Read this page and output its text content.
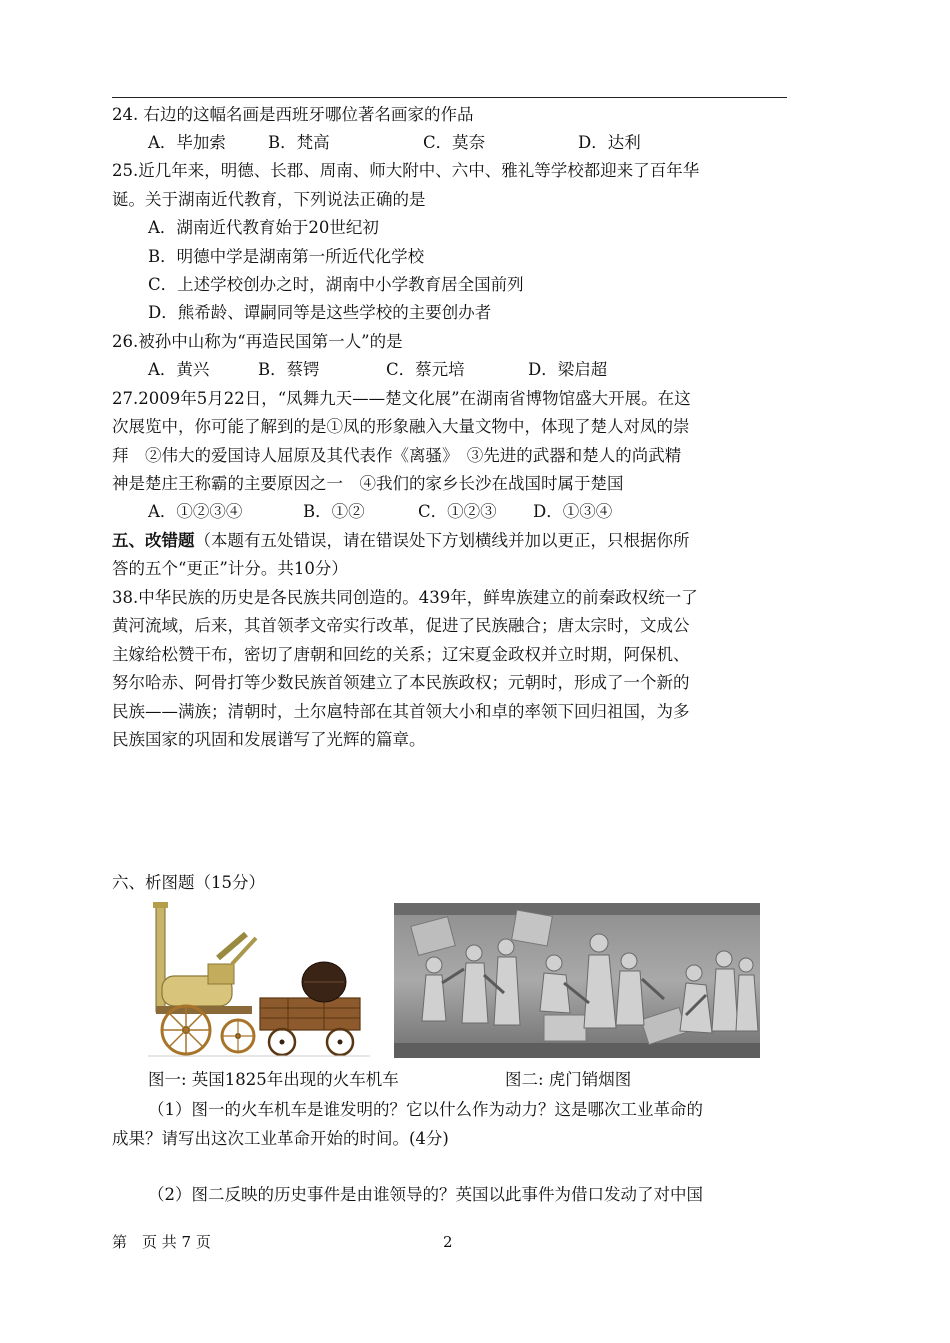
24. 右边的这幅名画是西班牙哪位著名画家的作品
A．毕加索	B．梵高	C．莫奈	D．达利
25.近几年来，明德、长郡、周南、师大附中、六中、雅礼等学校都迎来了百年华
诞。关于湖南近代教育，下列说法正确的是
A．湖南近代教育始于20世纪初
B．明德中学是湖南第一所近代化学校
C．上述学校创办之时，湖南中小学教育居全国前列
D．熊希龄、谭嗣同等是这些学校的主要创办者
26.被孙中山称为“再造民国第一人”的是
A．黄兴	B．蔡锷	C．蔡元培	D．梁启超
27.2009年5月22日，“凤舞九天——楚文化展”在湖南省博物馆盛大开展。在这
次展览中，你可能了解到的是①凤的形象融入大量文物中，体现了楚人对凤的崇
拜　②伟大的爱国诗人屈原及其代表作《离骚》　③先进的武器和楚人的尚武精
神是楚庄王称霸的主要原因之一　④我们的家乡长沙在战国时属于楚国
A．①②③④	B．①②	C．①②③ D．①③④
五、改错题（本题有五处错误，请在错误处下方划横线并加以更正，只根据你所
答的五个“更正”计分。共10分）
38.中华民族的历史是各民族共同创造的。439年，鲜卑族建立的前秦政权统一了
黄河流域，后来，其首领孝文帝实行改革，促进了民族融合；唐太宗时，文成公
主嫁给松赞干布，密切了唐朝和回纥的关系；辽宋夏金政权并立时期，阿保机、
努尔哈赤、阿骨打等少数民族首领建立了本民族政权；元朝时，形成了一个新的
民族——满族；清朝时，土尔扈特部在其首领大小和卓的率领下回归祖国，为多
民族国家的巩固和发展谱写了光辉的篇章。
六、析图题（15分）
图一: 英国1825年出现的火车机车	图二: 虎门销烟图
（1）图一的火车机车是谁发明的？它以什么作为动力？这是哪次工业革命的
成果？请写出这次工业革命开始的时间。(4分)
（2）图二反映的历史事件是由谁领导的？英国以此事件为借口发动了对中国
第　页 共 7 页	2
